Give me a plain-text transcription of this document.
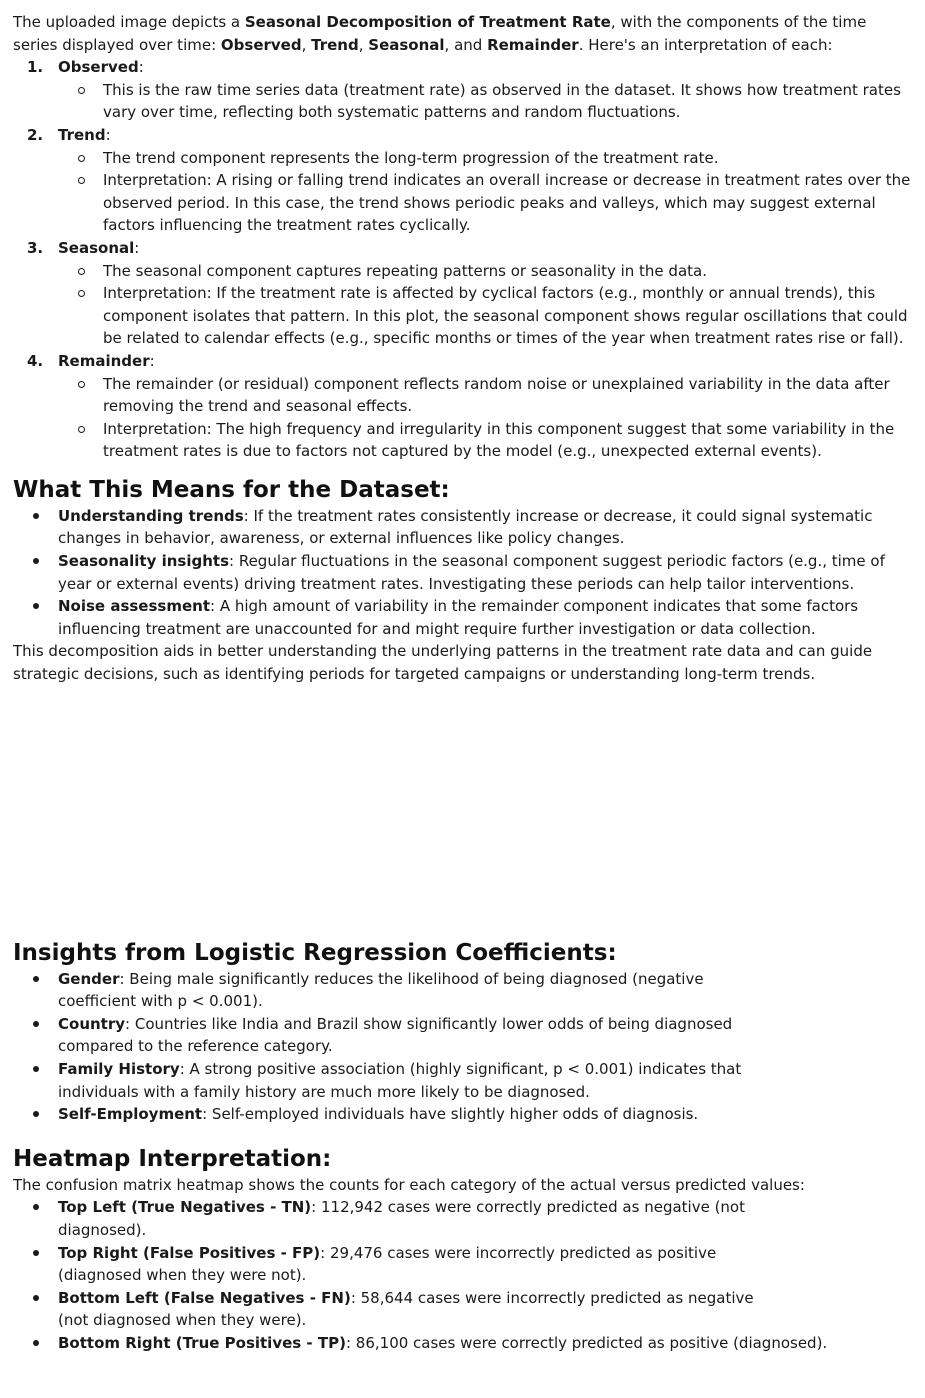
The uploaded image depicts a Seasonal Decomposition of Treatment Rate, with the components of the time series displayed over time: Observed, Trend, Seasonal, and Remainder. Here's an interpretation of each:

1. Observed:
This is the raw time series data (treatment rate) as observed in the dataset. It shows how treatment rates vary over time, reflecting both systematic patterns and random fluctuations.
2. Trend:
The trend component represents the long-term progression of the treatment rate.
Interpretation: A rising or falling trend indicates an overall increase or decrease in treatment rates over the observed period. In this case, the trend shows periodic peaks and valleys, which may suggest external factors influencing the treatment rates cyclically.
3. Seasonal:
The seasonal component captures repeating patterns or seasonality in the data.
Interpretation: If the treatment rate is affected by cyclical factors (e.g., monthly or annual trends), this component isolates that pattern. In this plot, the seasonal component shows regular oscillations that could be related to calendar effects (e.g., specific months or times of the year when treatment rates rise or fall).
4. Remainder:
The remainder (or residual) component reflects random noise or unexplained variability in the data after removing the trend and seasonal effects.
Interpretation: The high frequency and irregularity in this component suggest that some variability in the treatment rates is due to factors not captured by the model (e.g., unexpected external events).
What This Means for the Dataset:
Understanding trends: If the treatment rates consistently increase or decrease, it could signal systematic changes in behavior, awareness, or external influences like policy changes.
Seasonality insights: Regular fluctuations in the seasonal component suggest periodic factors (e.g., time of year or external events) driving treatment rates. Investigating these periods can help tailor interventions.
Noise assessment: A high amount of variability in the remainder component indicates that some factors influencing treatment are unaccounted for and might require further investigation or data collection.

This decomposition aids in better understanding the underlying patterns in the treatment rate data and can guide strategic decisions, such as identifying periods for targeted campaigns or understanding long-term trends.

Insights from Logistic Regression Coefficients:
Gender: Being male significantly reduces the likelihood of being diagnosed (negative coefficient with p < 0.001).
Country: Countries like India and Brazil show significantly lower odds of being diagnosed compared to the reference category.
Family History: A strong positive association (highly significant, p < 0.001) indicates that individuals with a family history are much more likely to be diagnosed.
Self-Employment: Self-employed individuals have slightly higher odds of diagnosis.
Heatmap Interpretation:

The confusion matrix heatmap shows the counts for each category of the actual versus predicted values:

Top Left (True Negatives - TN): 112,942 cases were correctly predicted as negative (not diagnosed).
Top Right (False Positives - FP): 29,476 cases were incorrectly predicted as positive (diagnosed when they were not).
Bottom Left (False Negatives - FN): 58,644 cases were incorrectly predicted as negative (not diagnosed when they were).
Bottom Right (True Positives - TP): 86,100 cases were correctly predicted as positive (diagnosed).
